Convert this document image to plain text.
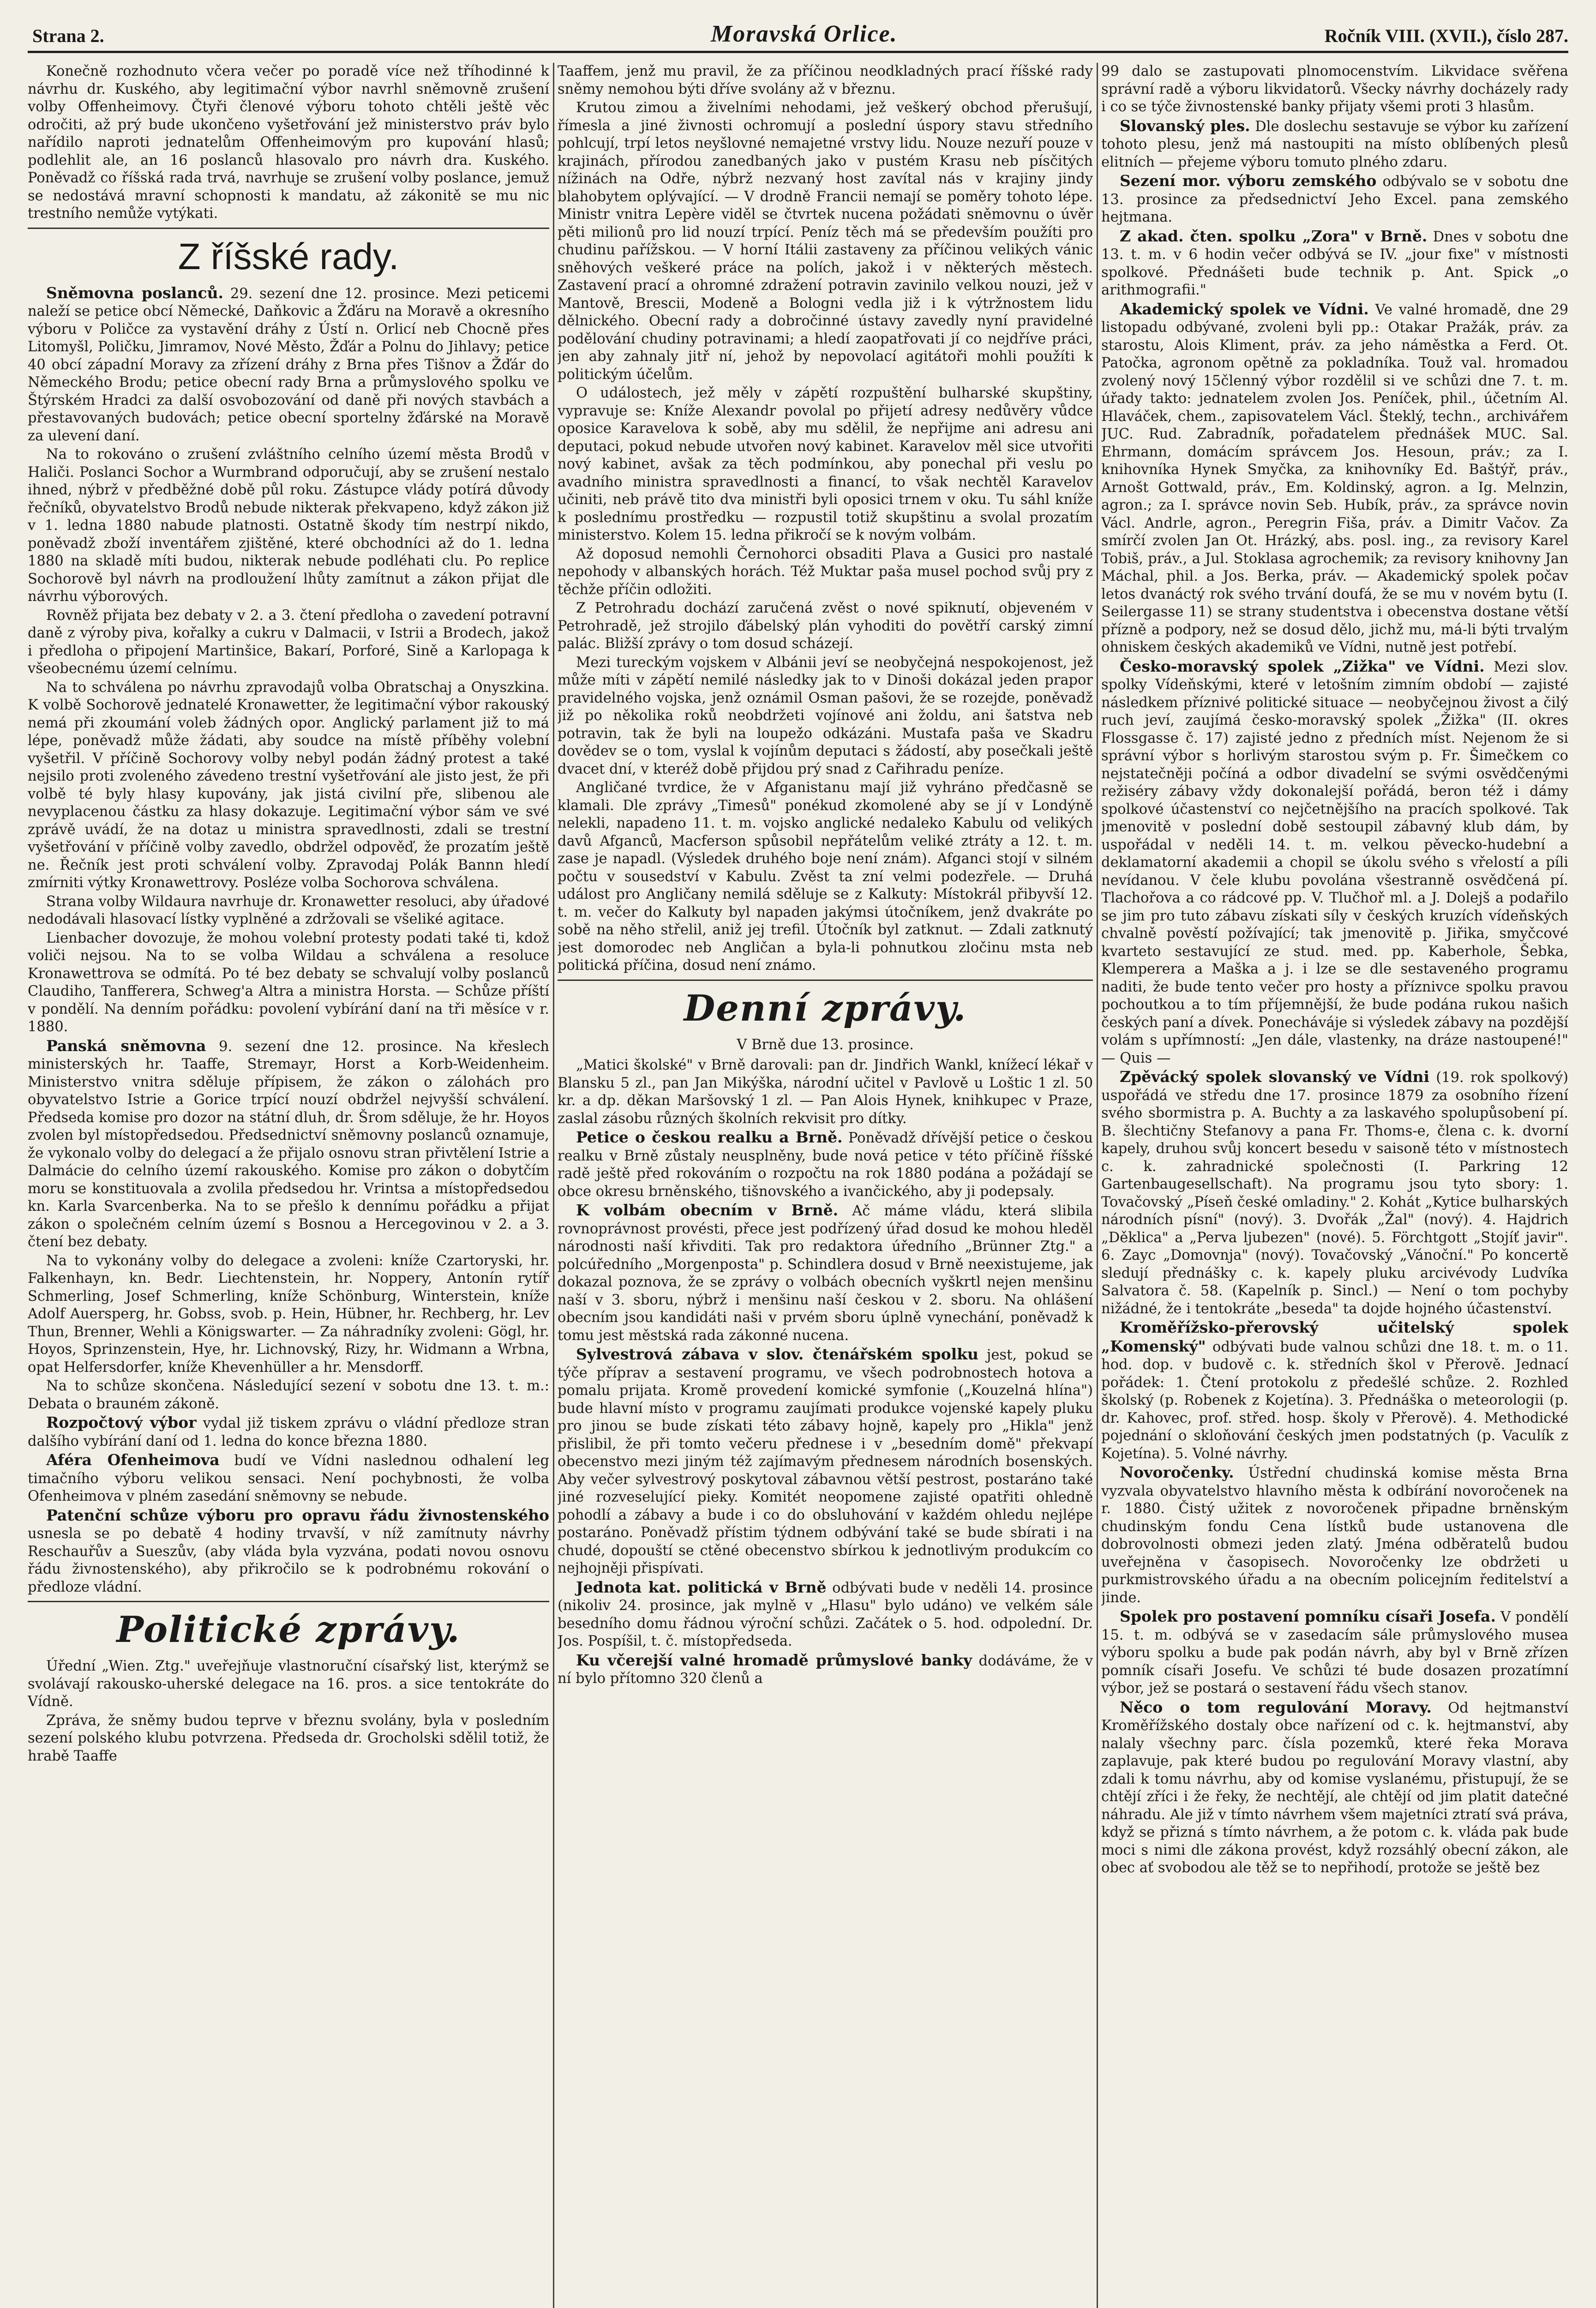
Strana 2.	Moravská Orlice.	Ročník VIII. (XVII.), číslo 287.

Konečně rozhodnuto včera večer po poradě více než tříhodinné k návrhu dr. Kuského, aby legitimační výbor navrhl sněmovně zrušení volby Offenheimovy. Čtyři členové výboru tohoto chtěli ještě věc odročiti, až prý bude ukončeno vyšetřování jež ministerstvo práv bylo nařídilo naproti jednatelům Offenheimovým pro kupování hlasů; podlehlit ale, an 16 poslanců hlasovalo pro návrh dra. Kuského. Poněvadž co říšská rada trvá, navrhuje se zrušení volby poslance, jemuž se nedostává mravní schopnosti k mandatu, až zákonitě se mu nic trestního nemůže vytýkati.

Z říšské rady.

Sněmovna poslanců. 29. sezení dne 12. prosince. Mezi peticemi naleží se petice obcí Německé, Daňkovic a Žďáru na Moravě a okresního výboru v Poličce za vystavění dráhy z Ústí n. Orlicí neb Chocně přes Litomyšl, Poličku, Jimramov, Nové Město, Žďár a Polnu do Jihlavy; petice 40 obcí západní Moravy za zřízení dráhy z Brna přes Tišnov a Žďár do Německého Brodu; petice obecní rady Brna a průmyslového spolku ve Štýrském Hradci za další osvobozování od daně při nových stavbách a přestavovaných budovách; petice obecní sportelny žďárské na Moravě za ulevení daní.

Na to rokováno o zrušení zvláštního celního území města Brodů v Haliči. Poslanci Sochor a Wurmbrand odporučují, aby se zrušení nestalo ihned, nýbrž v předběžné době půl roku. Zástupce vlády potírá důvody řečníků, obyvatelstvo Brodů nebude nikterak překvapeno, když zákon již v 1. ledna 1880 nabude platnosti. Ostatně škody tím nestrpí nikdo, poněvadž zboží inventářem zjištěné, které obchodníci až do 1. ledna 1880 na skladě míti budou, nikterak nebude podléhati clu. Po replice Sochorově byl návrh na prodloužení lhůty zamítnut a zákon přijat dle návrhu výborových.

Rovněž přijata bez debaty v 2. a 3. čtení předloha o zavedení potravní daně z výroby piva, kořalky a cukru v Dalmacii, v Istrii a Brodech, jakož i předloha o připojení Martinšice, Bakarí, Porforé, Sině a Karlopaga k všeobecnému území celnímu.

Na to schválena po návrhu zpravodajů volba Obratschaj a Onyszkina. K volbě Sochorově jednatelé Kronawetter, že legitimační výbor rakouský nemá při zkoumání voleb žádných opor. Anglický parlament již to má lépe, poněvadž může žádati, aby soudce na místě příběhy volební vyšetřil. V příčině Sochorovy volby nebyl podán žádný protest a také nejsilo proti zvoleného závedeno trestní vyšetřování ale jisto jest, že při volbě té byly hlasy kupovány, jak jistá civilní pře, slibenou ale nevyplacenou částku za hlasy dokazuje. Legitimační výbor sám ve své zprávě uvádí, že na dotaz u ministra spravedlnosti, zdali se trestní vyšetřování v příčině volby zavedlo, obdržel odpověď, že prozatím ještě ne. Řečník jest proti schválení volby. Zpravodaj Polák Bannn hledí zmírniti výtky Kronawettrovy. Posléze volba Sochorova schválena.

Strana volby Wildaura navrhuje dr. Kronawetter resoluci, aby úřadové nedodávali hlasovací lístky vyplněné a zdržovali se všeliké agitace.

Lienbacher dovozuje, že mohou volební protesty podati také ti, kdož voliči nejsou. Na to se volba Wildau a schválena a resoluce Kronawettrova se odmítá. Po té bez debaty se schvalují volby poslanců Claudiho, Tanfferera, Schweg'a Altra a ministra Horsta. — Schůze příští v pondělí. Na denním pořádku: povolení vybírání daní na tři měsíce v r. 1880.

Panská sněmovna 9. sezení dne 12. prosince. Na křeslech ministerských hr. Taaffe, Stremayr, Horst a Korb-Weidenheim. Ministerstvo vnitra sděluje přípisem, že zákon o zálohách pro obyvatelstvo Istrie a Gorice trpící nouzí obdržel nejvyšší schválení. Předseda komise pro dozor na státní dluh, dr. Šrom sděluje, že hr. Hoyos zvolen byl místopředsedou. Předsednictví sněmovny poslanců oznamuje, že vykonalo volby do delegací a že přijalo osnovu stran přivtělení Istrie a Dalmácie do celního území rakouského. Komise pro zákon o dobytčím moru se konstituovala a zvolila předsedou hr. Vrintsa a místopředsedou kn. Karla Svarcenberka. Na to se přešlo k dennímu pořádku a přijat zákon o společném celním území s Bosnou a Hercegovinou v 2. a 3. čtení bez debaty.

Na to vykonány volby do delegace a zvoleni: kníže Czartoryski, hr. Falkenhayn, kn. Bedr. Liechtenstein, hr. Noppery, Antonín rytíř Schmerling, Josef Schmerling, kníže Schönburg, Winterstein, kníže Adolf Auersperg, hr. Gobss, svob. p. Hein, Hübner, hr. Rechberg, hr. Lev Thun, Brenner, Wehli a Königswarter. — Za náhradníky zvoleni: Gögl, hr. Hoyos, Sprinzenstein, Hye, hr. Lichnovský, Rizy, hr. Widmann a Wrbna, opat Helfersdorfer, kníže Khevenhüller a hr. Mensdorff.

Na to schůze skončena. Následující sezení v sobotu dne 13. t. m.: Debata o brauném zákoně.

Rozpočtový výbor vydal již tiskem zprávu o vládní předloze stran dalšího vybírání daní od 1. ledna do konce března 1880.

Aféra Ofenheimova budí ve Vídni naslednou odhalení leg timačního výboru velikou sensaci. Není pochybnosti, že volba Ofenheimova v plném zasedání sněmovny se nebude.

Patenční schůze výboru pro opravu řádu živnostenského usnesla se po debatě 4 hodiny trvavší, v níž zamítnuty návrhy Reschauřův a Sueszův, (aby vláda byla vyzvána, podati novou osnovu řádu živnostenského), aby přikročilo se k podrobnému rokování o předloze vládní.

Politické zprávy.

Úřední „Wien. Ztg." uveřejňuje vlastnoruční císařský list, kterýmž se svolávají rakousko-uherské delegace na 16. pros. a sice tentokráte do Vídně.

Zpráva, že sněmy budou teprve v březnu svolány, byla v posledním sezení polského klubu potvrzena. Předseda dr. Grocholski sdělil totiž, že hrabě Taaffe

Taaffem, jenž mu pravil, že za příčinou neodkladných prací říšské rady sněmy nemohou býti dříve svolány až v březnu.

Krutou zimou a živelními nehodami, jež veškerý obchod přerušují, římesla a jiné živnosti ochromují a poslední úspory stavu středního pohlcují, trpí letos neyšlovné nemajetné vrstvy lidu. Nouze nezuří pouze v krajinách, přírodou zanedbaných jako v pustém Krasu neb písčitých nížinách na Odře, nýbrž nezvaný host zavítal nás v krajiny jindy blahobytem oplývající. — V drodně Francii nemají se poměry tohoto lépe. Ministr vnitra Lepère viděl se čtvrtek nucena požádati sněmovnu o úvěr pěti milionů pro lid nouzí trpící. Peníz těch má se především použíti pro chudinu pařížskou. — V horní Itálii zastaveny za příčinou velikých vánic sněhových veškeré práce na polích, jakož i v některých městech. Zastavení prací a ohromné zdražení potravin zavinilo velkou nouzi, jež v Mantově, Brescii, Modeně a Bologni vedla již i k výtržnostem lidu dělnického. Obecní rady a dobročinné ústavy zavedly nyní pravidelné podělování chudiny potravinami; a hledí zaopatřovati jí co nejdříve práci, jen aby zahnaly jitř ní, jehož by nepovolací agitátoři mohli použíti k politickým účelům.

O událostech, jež měly v zápětí rozpuštění bulharské skupštiny, vypravuje se: Kníže Alexandr povolal po přijetí adresy nedůvěry vůdce oposice Karavelova k sobě, aby mu sdělil, že nepřijme ani adresu ani deputaci, pokud nebude utvořen nový kabinet. Karavelov měl sice utvořiti nový kabinet, avšak za těch podmínkou, aby ponechal při veslu po avadního ministra spravedlnosti a financí, to však nechtěl Karavelov učiniti, neb právě tito dva ministři byli oposici trnem v oku. Tu sáhl kníže k poslednímu prostředku — rozpustil totiž skupštinu a svolal prozatím ministerstvo. Kolem 15. ledna přikročí se k novým volbám.

Až doposud nemohli Černohorci obsaditi Plava a Gusici pro nastalé nepohody v albanských horách. Též Muktar paša musel pochod svůj pry z těchže příčin odložiti.

Z Petrohradu dochází zaručená zvěst o nové spiknutí, objeveném v Petrohradě, jež strojilo ďábelský plán vyhoditi do povětří carský zimní palác. Bližší zprávy o tom dosud scházejí.

Mezi tureckým vojskem v Albánii jeví se neobyčejná nespokojenost, jež může míti v zápětí nemilé následky jak to v Dinoši dokázal jeden prapor pravidelného vojska, jenž oznámil Osman pašovi, že se rozejde, poněvadž již po několika roků neobdržeti vojínové ani žoldu, ani šatstva neb potravin, tak že byli na loupežo odkázáni. Mustafa paša ve Skadru dovědev se o tom, vyslal k vojínům deputaci s žádostí, aby posečkali ještě dvacet dní, v kteréž době přijdou prý snad z Cařihradu peníze.

Angličané tvrdice, že v Afganistanu mají již vyhráno předčasně se klamali. Dle zprávy „Timesů" ponékud zkomolené aby se jí v Londýně nelekli, napadeno 11. t. m. vojsko anglické nedaleko Kabulu od velikých davů Afganců, Macferson spůsobil nepřátelům veliké ztráty a 12. t. m. zase je napadl. (Výsledek druhého boje není znám). Afganci stojí v silném počtu v sousedství v Kabulu. Zvěst ta zní velmi podezřele. — Druhá událost pro Angličany nemilá sděluje se z Kalkuty: Místokrál přibyvší 12. t. m. večer do Kalkuty byl napaden jakýmsi útočníkem, jenž dvakráte po sobě na něho střelil, aniž jej trefil. Útočník byl zatknut. — Zdali zatknutý jest domorodec neb Angličan a byla-li pohnutkou zločinu msta neb politická příčina, dosud není známo.

Denní zprávy.

V Brně due 13. prosince.

„Matici školské" v Brně darovali: pan dr. Jindřich Wankl, knížecí lékař v Blansku 5 zl., pan Jan Mikýška, národní učitel v Pavlově u Loštic 1 zl. 50 kr. a dp. děkan Maršovský 1 zl. — Pan Alois Hynek, knihkupec v Praze, zaslal zásobu různých školních rekvisit pro dítky.

Petice o českou realku a Brně. Poněvadž dřívější petice o českou realku v Brně zůstaly neusplněny, bude nová petice v této příčině říšské radě ještě před rokováním o rozpočtu na rok 1880 podána a požádají se obce okresu brněnského, tišnovského a ivančického, aby ji podepsaly.

K volbám obecním v Brně. Ač máme vládu, která slibila rovnoprávnost provésti, přece jest podřízený úřad dosud ke mohou hleděl národnosti naší křivditi. Tak pro redaktora úředního „Brünner Ztg." a polcúředního „Morgenposta" p. Schindlera dosud v Brně neexistujeme, jak dokazal poznova, že se zprávy o volbách obecních vyškrtl nejen menšinu naší v 3. sboru, nýbrž i menšinu naší českou v 2. sboru. Na ohlášení obecním jsou kandidáti naši v prvém sboru úplně vynechání, poněvadž k tomu jest městská rada zákonné nucena.

Sylvestrová zábava v slov. čtenářském spolku jest, pokud se týče příprav a sestavení programu, ve všech podrobnostech hotova a pomalu prijata. Kromě provedení komické symfonie („Kouzelná hlína") bude hlavní místo v programu zaujímati produkce vojenské kapely pluku pro jinou se bude získati této zábavy hojně, kapely pro „Hikla" jenž přislibil, že při tomto večeru přednese i v „besedním domě" překvapí obecenstvo mezi jiným též zajímavým přednesem národních bosenských. Aby večer sylvestrový poskytoval zábavnou větší pestrost, postaráno také jiné rozveselující pieky. Komitét neopomene zajisté opatřiti ohledně pohodlí a zábavy a bude i co do obsluhování v každém ohledu nejlépe postaráno. Poněvadž přístim týdnem odbývání také se bude sbírati i na chudé, dopouští se ctěné obecenstvo sbírkou k jednotlivým produkcím co nejhojněji přispívati.

Jednota kat. politická v Brně odbývati bude v neděli 14. prosince (nikoliv 24. prosince, jak mylně v „Hlasu" bylo udáno) ve velkém sále besedního domu řádnou výroční schůzi. Začátek o 5. hod. odpolední. Dr. Jos. Pospíšil, t. č. místopředseda.

Ku včerejší valné hromadě průmyslové banky dodáváme, že v ní bylo přítomno 320 členů a

99 dalo se zastupovati plnomocenstvím. Likvidace svěřena správní radě a výboru likvidatorů. Všecky návrhy docházely rady i co se týče živnostenské banky přijaty všemi proti 3 hlasům.

Slovanský ples. Dle doslechu sestavuje se výbor ku zařízení tohoto plesu, jenž má nastoupiti na místo oblíbených plesů elitních — přejeme výboru tomuto plného zdaru.

Sezení mor. výboru zemského odbývalo se v sobotu dne 13. prosince za předsednictví Jeho Excel. pana zemského hejtmana.

Z akad. čten. spolku „Zora" v Brně. Dnes v sobotu dne 13. t. m. v 6 hodin večer odbývá se IV. „jour fixe" v místnosti spolkové. Přednášeti bude technik p. Ant. Spick „o arithmografii."

Akademický spolek ve Vídni. Ve valné hromadě, dne 29 listopadu odbývané, zvoleni byli pp.: Otakar Pražák, práv. za starostu, Alois Kliment, práv. za jeho náměstka a Ferd. Ot. Patočka, agronom opětně za pokladníka. Touž val. hromadou zvolený nový 15členný výbor rozdělil si ve schůzi dne 7. t. m. úřady takto: jednatelem zvolen Jos. Peníček, phil., účetním Al. Hlaváček, chem., zapisovatelem Václ. Šteklý, techn., archivářem JUC. Rud. Zabradník, pořadatelem přednášek MUC. Sal. Ehrmann, domácím správcem Jos. Hesoun, práv.; za I. knihovníka Hynek Smyčka, za knihovníky Ed. Baštýř, práv., Arnošt Gottwald, práv., Em. Koldinský, agron. a Ig. Melnzin, agron.; za I. správce novin Seb. Hubík, práv., za správce novin Václ. Andrle, agron., Peregrin Fiša, práv. a Dimitr Vačov. Za smírčí zvolen Jan Ot. Hrázký, abs. posl. ing., za revisory Karel Tobiš, práv., a Jul. Stoklasa agrochemik; za revisory knihovny Jan Máchal, phil. a Jos. Berka, práv. — Akademický spolek počav letos dvanáctý rok svého trvání doufá, že se mu v novém bytu (I. Seilergasse 11) se strany studentstva i obecenstva dostane větší přízně a podpory, než se dosud dělo, jichž mu, má-li býti trvalým ohniskem českých akademiků ve Vídni, nutně jest potřebí.

Česko-moravský spolek „Zižka" ve Vídni. Mezi slov. spolky Vídeňskými, které v letošním zimním období — zajisté následkem příznivé politické situace — neobyčejnou živost a čilý ruch jeví, zaujímá česko-moravský spolek „Žižka" (II. okres Flossgasse č. 17) zajisté jedno z předních míst. Nejenom že si správní výbor s horlivým starostou svým p. Fr. Šimečkem co nejstatečněji počíná a odbor divadelní se svými osvědčenými režiséry zábavy vždy dokonalejší pořádá, beron též i dámy spolkové účastenství co nejčetnějšího na pracích spolkové. Tak jmenovitě v poslední době sestoupil zábavný klub dám, by uspořádal v neděli 14. t. m. velkou pěvecko-hudební a deklamatorní akademii a chopil se úkolu svého s vřelostí a píli nevídanou. V čele klubu povolána všestranně osvědčená pí. Tlachořova a co rádcové pp. V. Tlučhoř ml. a J. Dolejš a podařilo se jim pro tuto zábavu získati síly v českých kruzích vídeňských chvalně pověstí požívající; tak jmenovitě p. Jiřika, smyčcové kvarteto sestavující ze stud. med. pp. Kaberhole, Šebka, Klemperera a Maška a j. i lze se dle sestaveného programu naditi, že bude tento večer pro hosty a příznivce spolku pravou pochoutkou a to tím příjemnější, že bude podána rukou našich českých paní a dívek. Ponecháváje si výsledek zábavy na pozdější volám s upřímností: „Jen dále, vlastenky, na dráze nastoupené!" — Quis —

Zpěvácký spolek slovanský ve Vídni (19. rok spolkový) uspořádá ve středu dne 17. prosince 1879 za osobního řízení svého sbormistra p. A. Buchty a za laskavého spolupůsobení pí. B. šlechtičny Stefanovy a pana Fr. Thoms-e, člena c. k. dvorní kapely, druhou svůj koncert besedu v saisoně této v místnostech c. k. zahradnické společnosti (I. Parkring 12 Gartenbaugesellschaft). Na programu jsou tyto sbory: 1. Tovačovský „Píseň české omladiny." 2. Kohát „Kytice bulharských národních písní" (nový). 3. Dvořák „Žal" (nový). 4. Hajdrich „Děklica" a „Perva ljubezen" (nové). 5. Förchtgott „Stojíť javir". 6. Zayc „Domovnja" (nový). Tovačovský „Vánoční." Po koncertě sledují přednášky c. k. kapely pluku arcivévody Ludvíka Salvatora č. 58. (Kapelník p. Sincl.) — Není o tom pochyby nižádné, že i tentokráte „beseda" ta dojde hojného účastenství.

Kroměřížsko-přerovský učitelský spolek „Komenský" odbývati bude valnou schůzi dne 18. t. m. o 11. hod. dop. v budově c. k. středních škol v Přerově. Jednací pořádek: 1. Čtení protokolu z předešlé schůze. 2. Rozhled školský (p. Robenek z Kojetína). 3. Přednáška o meteorologii (p. dr. Kahovec, prof. střed. hosp. školy v Přerově). 4. Methodické pojednání o skloňování českých jmen podstatných (p. Vaculík z Kojetína). 5. Volné návrhy.

Novoročenky. Ústřední chudinská komise města Brna vyzvala obyvatelstvo hlavního města k odbírání novoročenek na r. 1880. Čistý užitek z novoročenek připadne brněnským chudinským fondu Cena lístků bude ustanovena dle dobrovolnosti obmezi jeden zlatý. Jména odběratelů budou uveřejněna v časopisech. Novoročenky lze obdržeti u purkmistrovského úřadu a na obecním policejním ředitelství a jinde.

Spolek pro postavení pomníku císaři Josefa. V pondělí 15. t. m. odbývá se v zasedacím sále průmyslového musea výboru spolku a bude pak podán návrh, aby byl v Brně zřízen pomník císaři Josefu. Ve schůzi té bude dosazen prozatímní výbor, jež se postará o sestavení řádu všech stanov.

Něco o tom regulování Moravy. Od hejtmanství Kroměřížského dostaly obce nařízení od c. k. hejtmanství, aby nalaly všechny parc. čísla pozemků, které řeka Morava zaplavuje, pak které budou po regulování Moravy vlastní, aby zdali k tomu návrhu, aby od komise vyslanému, přistupují, že se chtějí zříci i že řeky, že nechtějí, ale chtějí od jim platit datečné náhradu. Ale již v tímto návrhem všem majetníci ztratí svá práva, když se přizná s tímto návrhem, a že potom c. k. vláda pak bude moci s nimi dle zákona provést, když rozsáhlý obecní zákon, ale obec ať svobodou ale těž se to nepřihodí, protože se ještě bez
